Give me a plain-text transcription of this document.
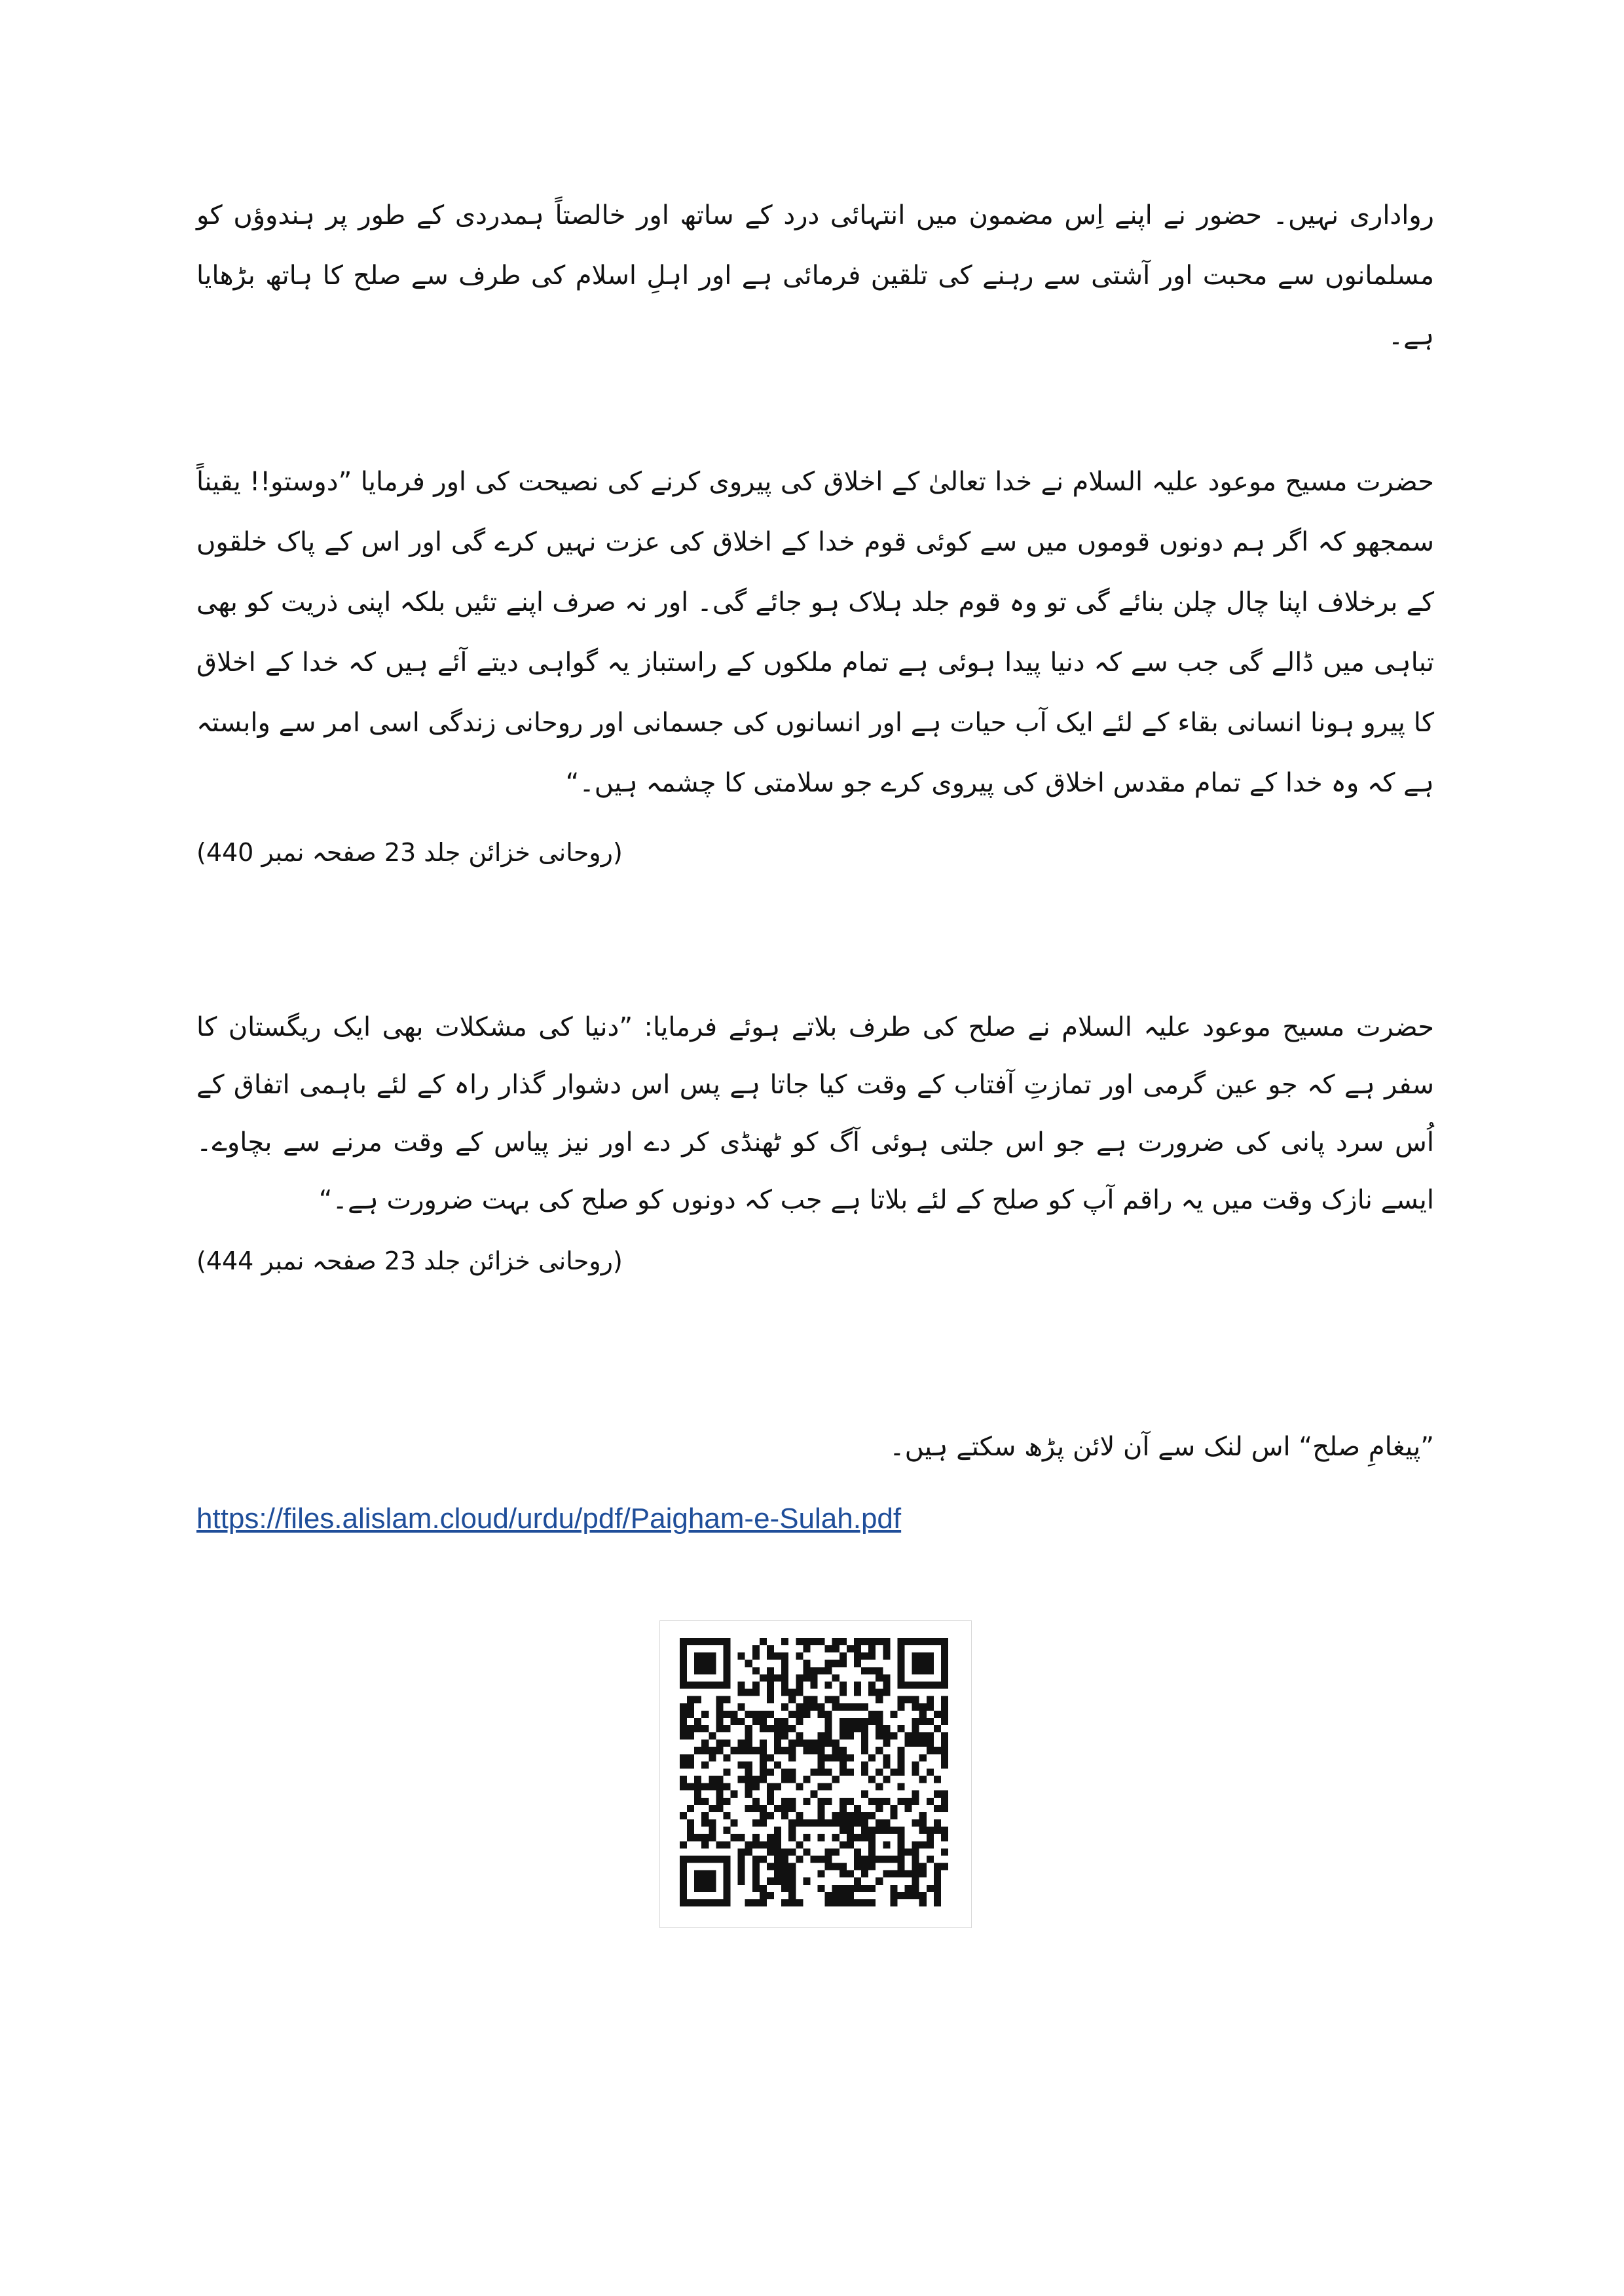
رواداری نہیں۔ حضور نے اپنے اِس مضمون میں انتہائی درد کے ساتھ اور خالصتاً ہمدردی کے طور پر ہندوؤں کو مسلمانوں سے محبت اور آشتی سے رہنے کی تلقین فرمائی ہے اور اہلِ اسلام کی طرف سے صلح کا ہاتھ بڑھایا ہے۔

حضرت مسیح موعود علیہ السلام نے خدا تعالیٰ کے اخلاق کی پیروی کرنے کی نصیحت کی اور فرمایا ”دوستو!! یقیناً سمجھو کہ اگر ہم دونوں قوموں میں سے کوئی قوم خدا کے اخلاق کی عزت نہیں کرے گی اور اس کے پاک خلقوں کے برخلاف اپنا چال چلن بنائے گی تو وہ قوم جلد ہلاک ہو جائے گی۔ اور نہ صرف اپنے تئیں بلکہ اپنی ذریت کو بھی تباہی میں ڈالے گی جب سے کہ دنیا پیدا ہوئی ہے تمام ملکوں کے راستباز یہ گواہی دیتے آئے ہیں کہ خدا کے اخلاق کا پیرو ہونا انسانی بقاء کے لئے ایک آب حیات ہے اور انسانوں کی جسمانی اور روحانی زندگی اسی امر سے وابستہ ہے کہ وہ خدا کے تمام مقدس اخلاق کی پیروی کرے جو سلامتی کا چشمہ ہیں۔“

(روحانی خزائن جلد 23 صفحہ نمبر 440)

حضرت مسیح موعود علیہ السلام نے صلح کی طرف بلاتے ہوئے فرمایا: ”دنیا کی مشکلات بھی ایک ریگستان کا سفر ہے کہ جو عین گرمی اور تمازتِ آفتاب کے وقت کیا جاتا ہے پس اس دشوار گذار راہ کے لئے باہمی اتفاق کے اُس سرد پانی کی ضرورت ہے جو اس جلتی ہوئی آگ کو ٹھنڈی کر دے اور نیز پیاس کے وقت مرنے سے بچاوے۔ ایسے نازک وقت میں یہ راقم آپ کو صلح کے لئے بلاتا ہے جب کہ دونوں کو صلح کی بہت ضرورت ہے۔“

(روحانی خزائن جلد 23 صفحہ نمبر 444)

”پیغامِ صلح“ اس لنک سے آن لائن پڑھ سکتے ہیں۔

https://files.alislam.cloud/urdu/pdf/Paigham-e-Sulah.pdf
